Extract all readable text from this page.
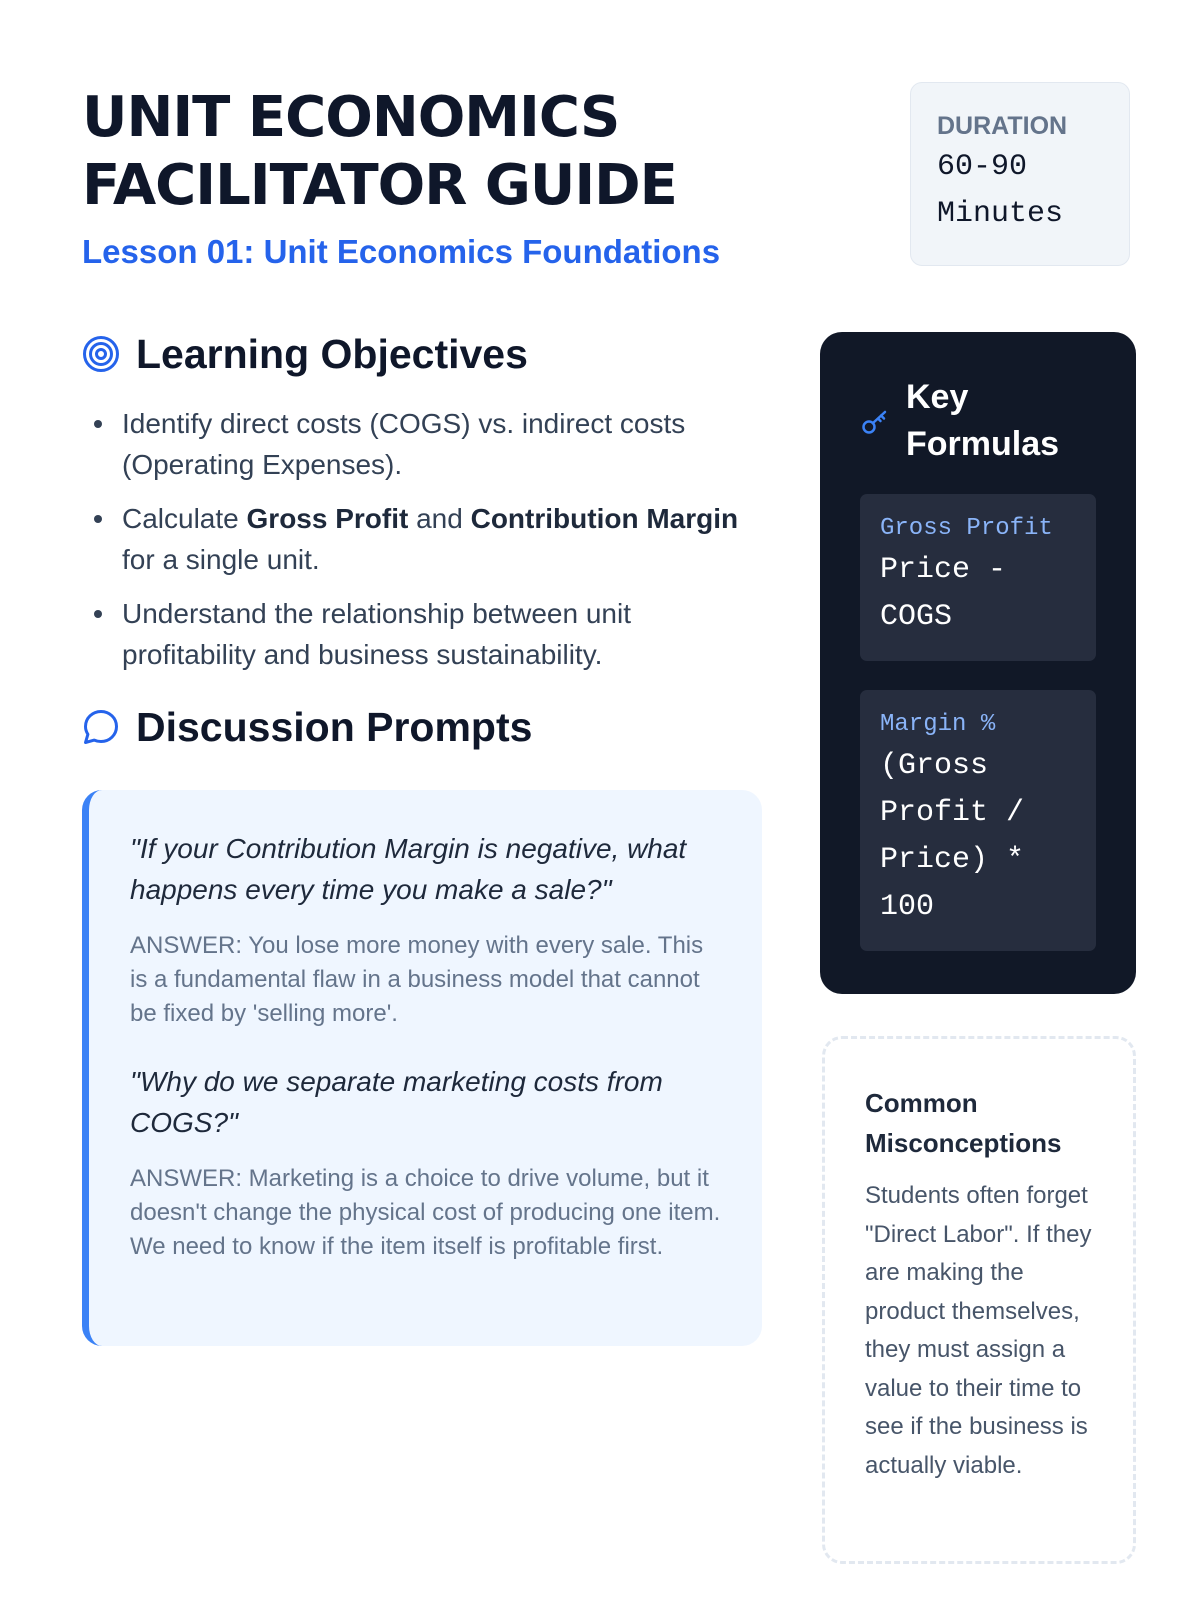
UNIT ECONOMICS
FACILITATOR GUIDE
Lesson 01: Unit Economics Foundations
DURATION
60-90 Minutes
Learning Objectives
Identify direct costs (COGS) vs. indirect costs (Operating Expenses).
Calculate Gross Profit and Contribution Margin for a single unit.
Understand the relationship between unit profitability and business sustainability.
Discussion Prompts
"If your Contribution Margin is negative, what happens every time you make a sale?"
ANSWER: You lose more money with every sale. This is a fundamental flaw in a business model that cannot be fixed by 'selling more'.
"Why do we separate marketing costs from COGS?"
ANSWER: Marketing is a choice to drive volume, but it doesn't change the physical cost of producing one item. We need to know if the item itself is profitable first.
Key Formulas
Gross Profit
Price - COGS
Margin %
(Gross Profit / Price) * 100
Common Misconceptions

Students often forget "Direct Labor". If they are making the product themselves, they must assign a value to their time to see if the business is actually viable.
